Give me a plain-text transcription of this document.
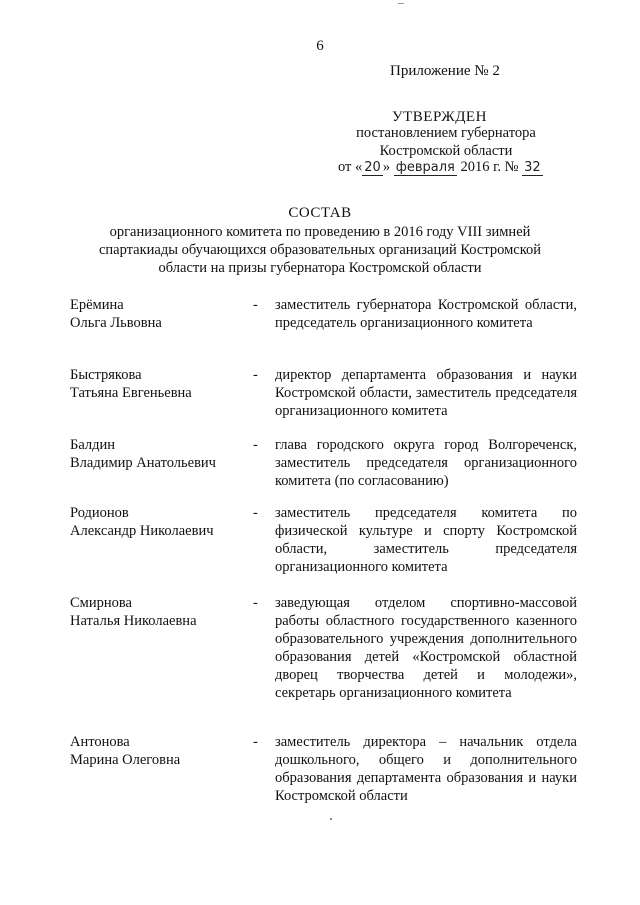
6
Приложение № 2
УТВЕРЖДЕН
постановлением губернатора
Костромской области
от « 20 » февраля 2016 г. № 32
СОСТАВ
организационного комитета по проведению в 2016 году VIII зимней спартакиады обучающихся образовательных организаций Костромской области на призы губернатора Костромской области
Ерёмина
Ольга Львовна
- заместитель губернатора Костромской области, председатель организационного комитета
Быстрякова
Татьяна Евгеньевна
- директор департамента образования и науки Костромской области, заместитель председателя организационного комитета
Балдин
Владимир Анатольевич
- глава городского округа город Волгореченск, заместитель председателя организационного комитета (по согласованию)
Родионов
Александр Николаевич
- заместитель председателя комитета по физической культуре и спорту Костромской области, заместитель председателя организационного комитета
Смирнова
Наталья Николаевна
- заведующая отделом спортивно-массовой работы областного государственного казенного образовательного учреждения дополнительного образования детей «Костромской областной дворец творчества детей и молодежи», секретарь организационного комитета
Антонова
Марина Олеговна
- заместитель директора – начальник отдела дошкольного, общего и дополнительного образования департамента образования и науки Костромской области
